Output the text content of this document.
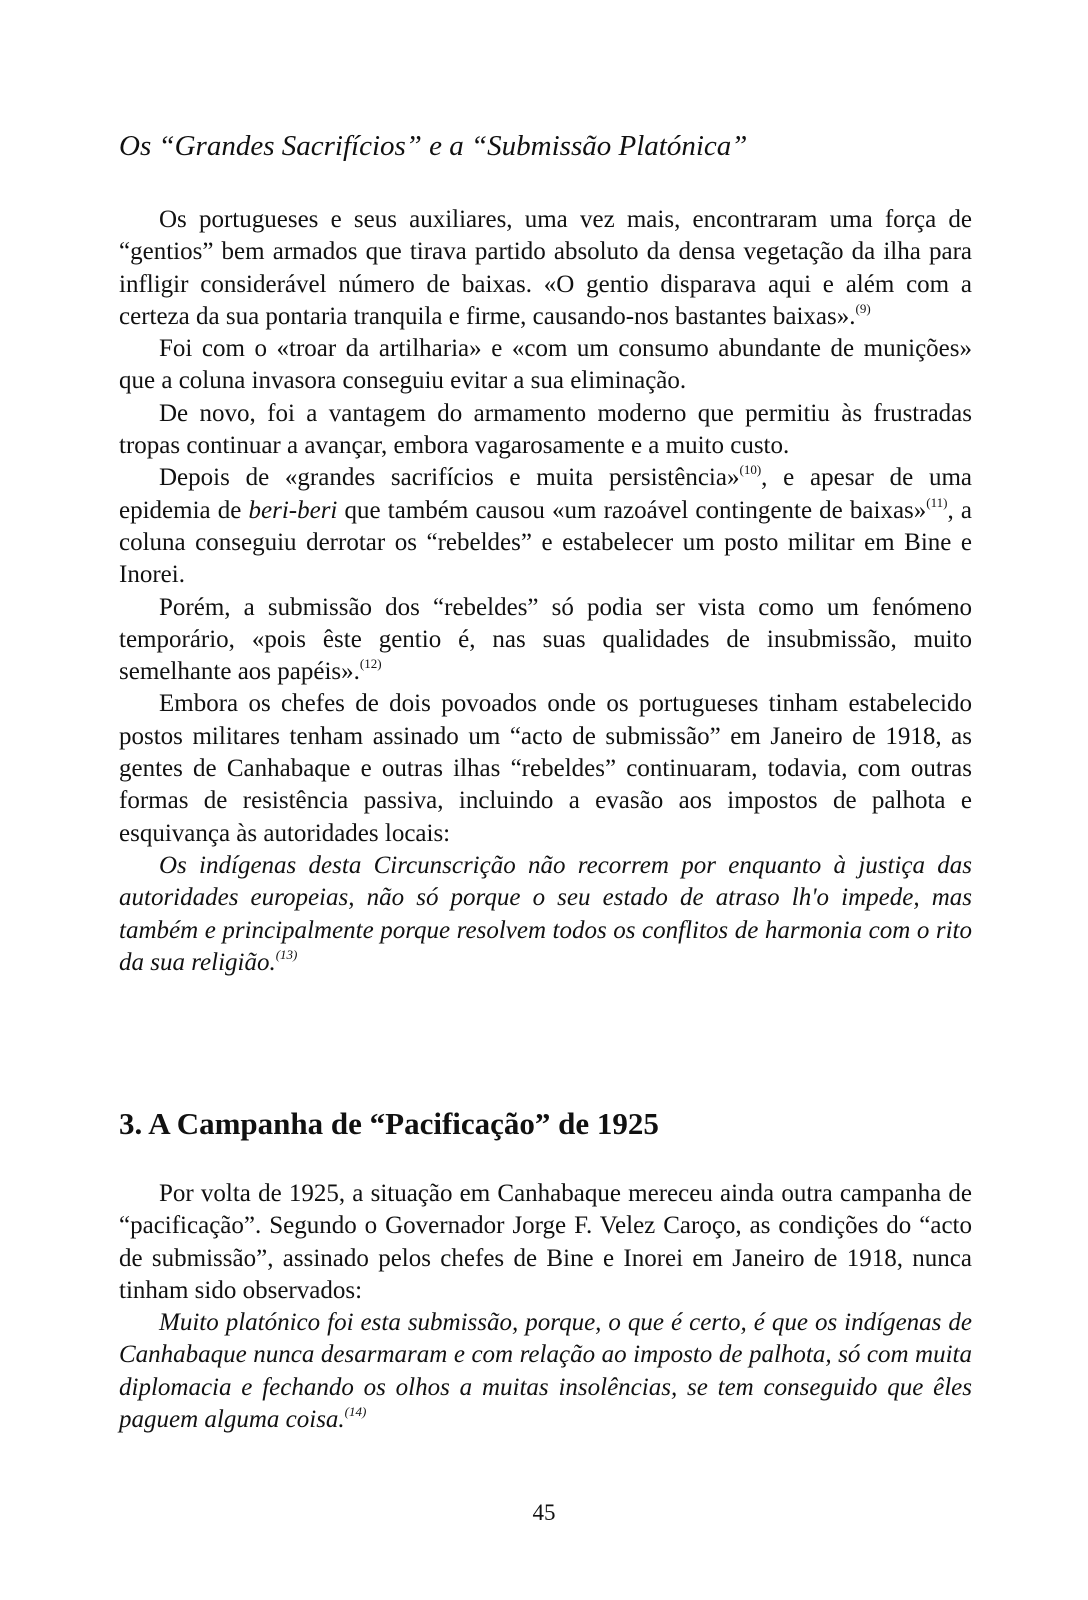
Os “Grandes Sacrifícios” e a “Submissão Platónica”

Os portugueses e seus auxiliares, uma vez mais, encontraram uma força de “gentios” bem armados que tirava partido absoluto da densa vegetação da ilha para infligir considerável número de baixas. «O gentio disparava aqui e além com a certeza da sua pontaria tranquila e firme, causando-nos bastantes baixas».$^{(9)}$

Foi com o «troar da artilharia» e «com um consumo abundante de munições» que a coluna invasora conseguiu evitar a sua eliminação.

De novo, foi a vantagem do armamento moderno que permitiu às frustradas tropas continuar a avançar, embora vagarosamente e a muito custo.

Depois de «grandes sacrifícios e muita persistência»$^{(10)}$, e apesar de uma epidemia de beri-beri que também causou «um razoável contingente de baixas»$^{(11)}$, a coluna conseguiu derrotar os “rebeldes” e estabelecer um posto militar em Bine e Inorei.

Porém, a submissão dos “rebeldes” só podia ser vista como um fenómeno temporário, «pois êste gentio é, nas suas qualidades de insubmissão, muito semelhante aos papéis».$^{(12)}$

Embora os chefes de dois povoados onde os portugueses tinham estabelecido postos militares tenham assinado um “acto de submissão” em Janeiro de 1918, as gentes de Canhabaque e outras ilhas “rebeldes” continuaram, todavia, com outras formas de resistência passiva, incluindo a evasão aos impostos de palhota e esquivança às autoridades locais:

Os indígenas desta Circunscrição não recorrem por enquanto à justiça das autoridades europeias, não só porque o seu estado de atraso lh'o impede, mas também e principalmente porque resolvem todos os conflitos de harmonia com o rito da sua religião.$^{(13)}$

3. A Campanha de “Pacificação” de 1925

Por volta de 1925, a situação em Canhabaque mereceu ainda outra campanha de “pacificação”. Segundo o Governador Jorge F. Velez Caroço, as condições do “acto de submissão”, assinado pelos chefes de Bine e Inorei em Janeiro de 1918, nunca tinham sido observados:

Muito platónico foi esta submissão, porque, o que é certo, é que os indígenas de Canhabaque nunca desarmaram e com relação ao imposto de palhota, só com muita diplomacia e fechando os olhos a muitas insolências, se tem conseguido que êles paguem alguma coisa.$^{(14)}$

45
